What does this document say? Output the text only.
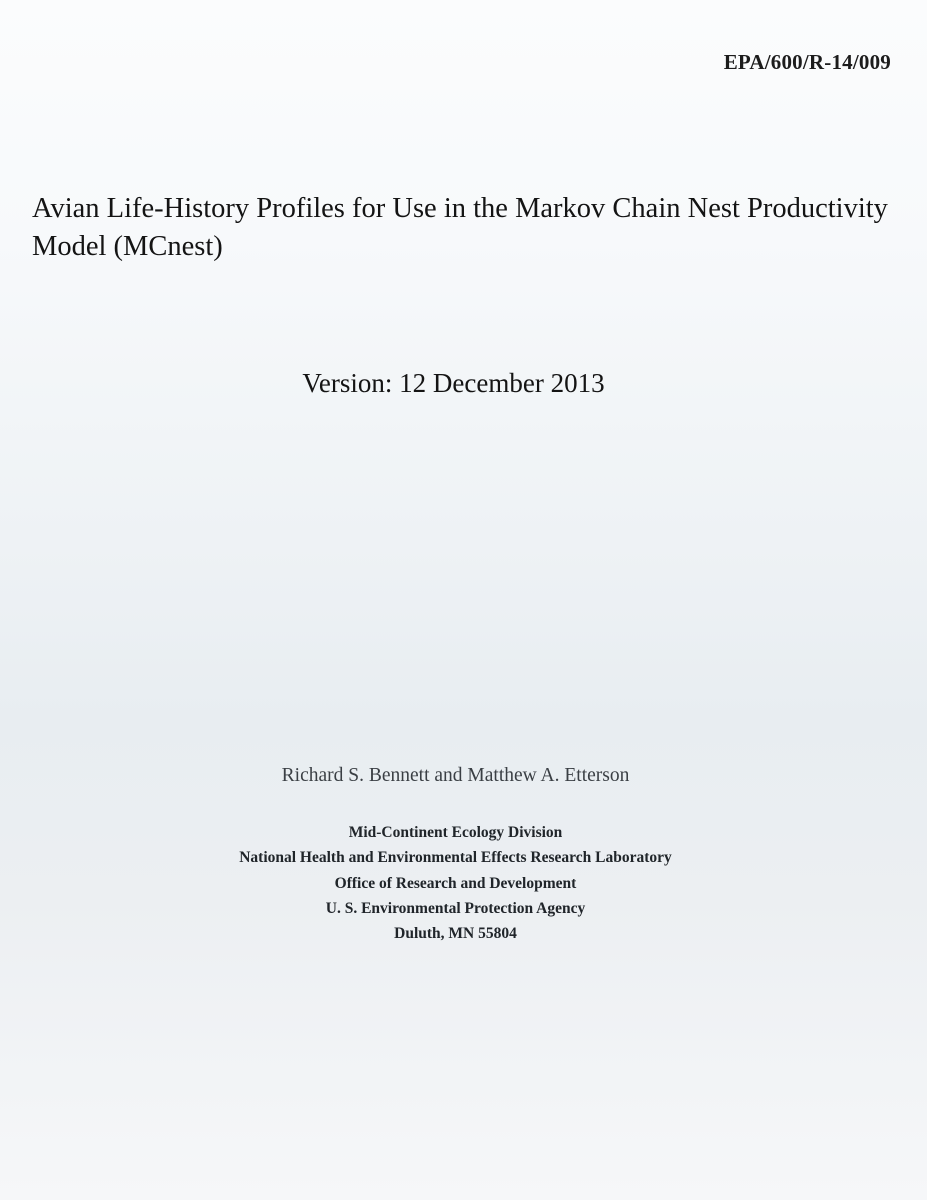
EPA/600/R-14/009
Avian Life-History Profiles for Use in the Markov Chain Nest Productivity Model (MCnest)
Version: 12 December 2013
Richard S. Bennett and Matthew A. Etterson
Mid-Continent Ecology Division
National Health and Environmental Effects Research Laboratory
Office of Research and Development
U. S. Environmental Protection Agency
Duluth, MN 55804
